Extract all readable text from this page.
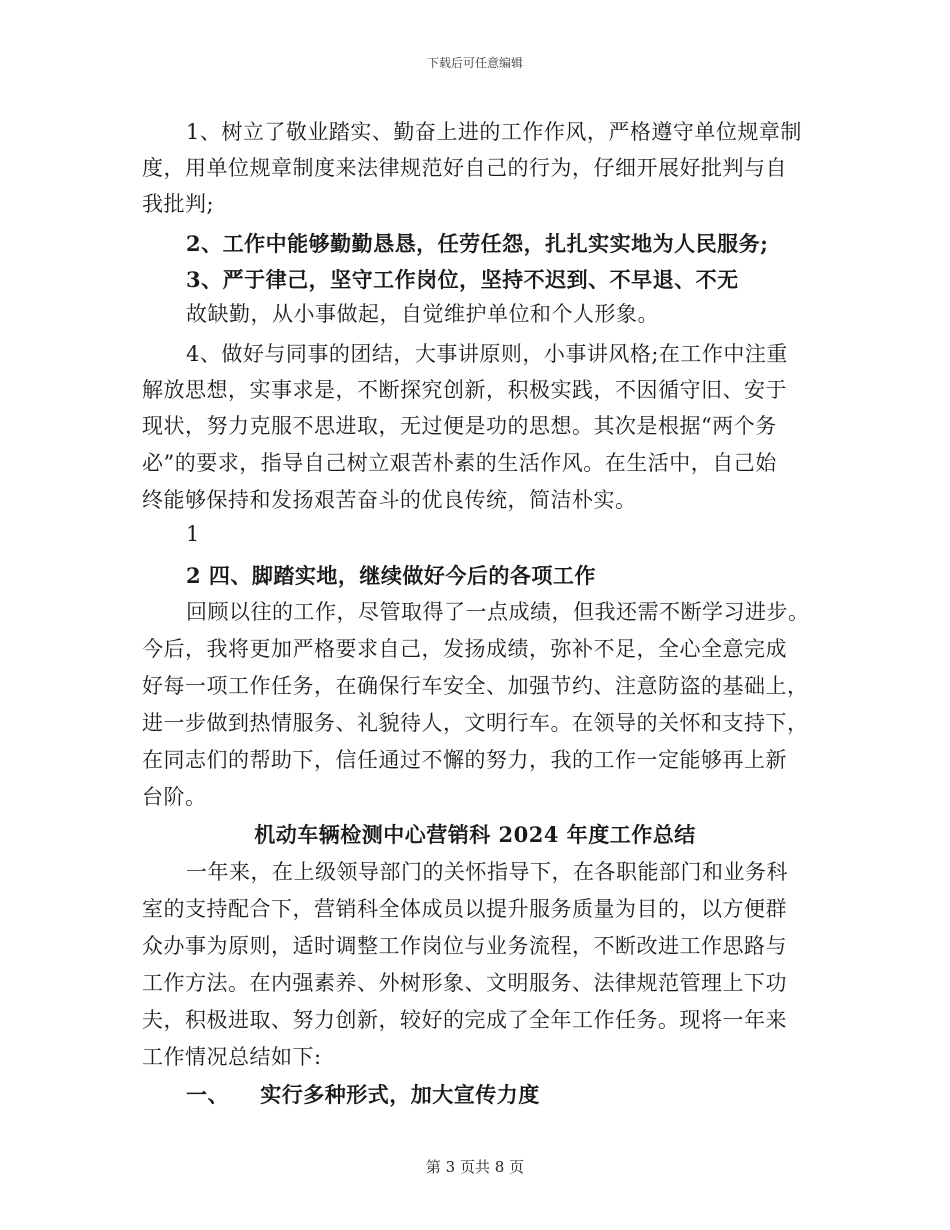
下载后可任意编辑
1、树立了敬业踏实、勤奋上进的工作作风，严格遵守单位规章制
度，用单位规章制度来法律规范好自己的行为，仔细开展好批判与自
我批判;
2、工作中能够勤勤恳恳，任劳任怨，扎扎实实地为人民服务;
3、严于律己，坚守工作岗位，坚持不迟到、不早退、不无
故缺勤，从小事做起，自觉维护单位和个人形象。
4、做好与同事的团结，大事讲原则，小事讲风格;在工作中注重
解放思想，实事求是，不断探究创新，积极实践，不因循守旧、安于
现状，努力克服不思进取，无过便是功的思想。其次是根据“两个务
必”的要求，指导自己树立艰苦朴素的生活作风。在生活中，自己始
终能够保持和发扬艰苦奋斗的优良传统，简洁朴实。
1
2 四、脚踏实地，继续做好今后的各项工作
回顾以往的工作，尽管取得了一点成绩，但我还需不断学习进步。
今后，我将更加严格要求自己，发扬成绩，弥补不足，全心全意完成
好每一项工作任务，在确保行车安全、加强节约、注意防盗的基础上，
进一步做到热情服务、礼貌待人，文明行车。在领导的关怀和支持下，
在同志们的帮助下，信任通过不懈的努力，我的工作一定能够再上新
台阶。
机动车辆检测中心营销科 2024 年度工作总结
一年来，在上级领导部门的关怀指导下，在各职能部门和业务科
室的支持配合下，营销科全体成员以提升服务质量为目的，以方便群
众办事为原则，适时调整工作岗位与业务流程，不断改进工作思路与
工作方法。在内强素养、外树形象、文明服务、法律规范管理上下功
夫，积极进取、努力创新，较好的完成了全年工作任务。现将一年来
工作情况总结如下:
一、    实行多种形式，加大宣传力度
第 3 页共 8 页
